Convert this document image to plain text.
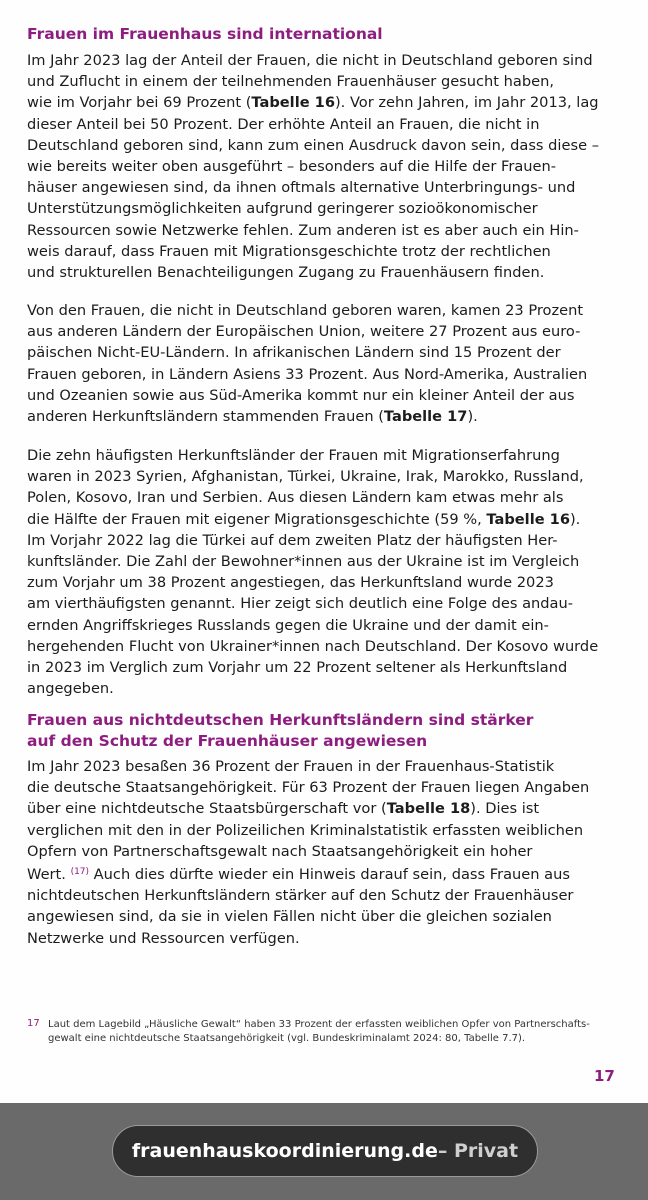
Frauen im Frauenhaus sind international
Im Jahr 2023 lag der Anteil der Frauen, die nicht in Deutschland geboren sind
und Zuflucht in einem der teilnehmenden Frauenhäuser gesucht haben,
wie im Vorjahr bei 69 Prozent (Tabelle 16). Vor zehn Jahren, im Jahr 2013, lag
dieser Anteil bei 50 Prozent. Der erhöhte Anteil an Frauen, die nicht in
Deutschland geboren sind, kann zum einen Ausdruck davon sein, dass diese –
wie bereits weiter oben ausgeführt – besonders auf die Hilfe der Frauen-
häuser angewiesen sind, da ihnen oftmals alternative Unterbringungs- und
Unterstützungsmöglichkeiten aufgrund geringerer sozioökonomischer
Ressourcen sowie Netzwerke fehlen. Zum anderen ist es aber auch ein Hin-
weis darauf, dass Frauen mit Migrationsgeschichte trotz der rechtlichen
und strukturellen Benachteiligungen Zugang zu Frauenhäusern finden.
Von den Frauen, die nicht in Deutschland geboren waren, kamen 23 Prozent
aus anderen Ländern der Europäischen Union, weitere 27 Prozent aus euro-
päischen Nicht-EU-Ländern. In afrikanischen Ländern sind 15 Prozent der
Frauen geboren, in Ländern Asiens 33 Prozent. Aus Nord-Amerika, Australien
und Ozeanien sowie aus Süd-Amerika kommt nur ein kleiner Anteil der aus
anderen Herkunftsländern stammenden Frauen (Tabelle 17).
Die zehn häufigsten Herkunftsländer der Frauen mit Migrationserfahrung
waren in 2023 Syrien, Afghanistan, Türkei, Ukraine, Irak, Marokko, Russland,
Polen, Kosovo, Iran und Serbien. Aus diesen Ländern kam etwas mehr als
die Hälfte der Frauen mit eigener Migrationsgeschichte (59 %, Tabelle 16).
Im Vorjahr 2022 lag die Türkei auf dem zweiten Platz der häufigsten Her-
kunftsländer. Die Zahl der Bewohner*innen aus der Ukraine ist im Vergleich
zum Vorjahr um 38 Prozent angestiegen, das Herkunftsland wurde 2023
am vierthäufigsten genannt. Hier zeigt sich deutlich eine Folge des andau-
ernden Angriffskrieges Russlands gegen die Ukraine und der damit ein-
hergehenden Flucht von Ukrainer*innen nach Deutschland. Der Kosovo wurde
in 2023 im Verglich zum Vorjahr um 22 Prozent seltener als Herkunftsland
angegeben.
Frauen aus nichtdeutschen Herkunftsländern sind stärker
auf den Schutz der Frauenhäuser angewiesen
Im Jahr 2023 besaßen 36 Prozent der Frauen in der Frauenhaus-Statistik
die deutsche Staatsangehörigkeit. Für 63 Prozent der Frauen liegen Angaben
über eine nichtdeutsche Staatsbürgerschaft vor (Tabelle 18). Dies ist
verglichen mit den in der Polizeilichen Kriminalstatistik erfassten weiblichen
Opfern von Partnerschaftsgewalt nach Staatsangehörigkeit ein hoher
Wert. $^{(17)}$ Auch dies dürfte wieder ein Hinweis darauf sein, dass Frauen aus
nichtdeutschen Herkunftsländern stärker auf den Schutz der Frauenhäuser
angewiesen sind, da sie in vielen Fällen nicht über die gleichen sozialen
Netzwerke und Ressourcen verfügen.
17 Laut dem Lagebild „Häusliche Gewalt“ haben 33 Prozent der erfassten weiblichen Opfer von Partnerschafts-
gewalt eine nichtdeutsche Staatsangehörigkeit (vgl. Bundeskriminalamt 2024: 80, Tabelle 7.7).
17
frauenhauskoordinierung.de – Privat
